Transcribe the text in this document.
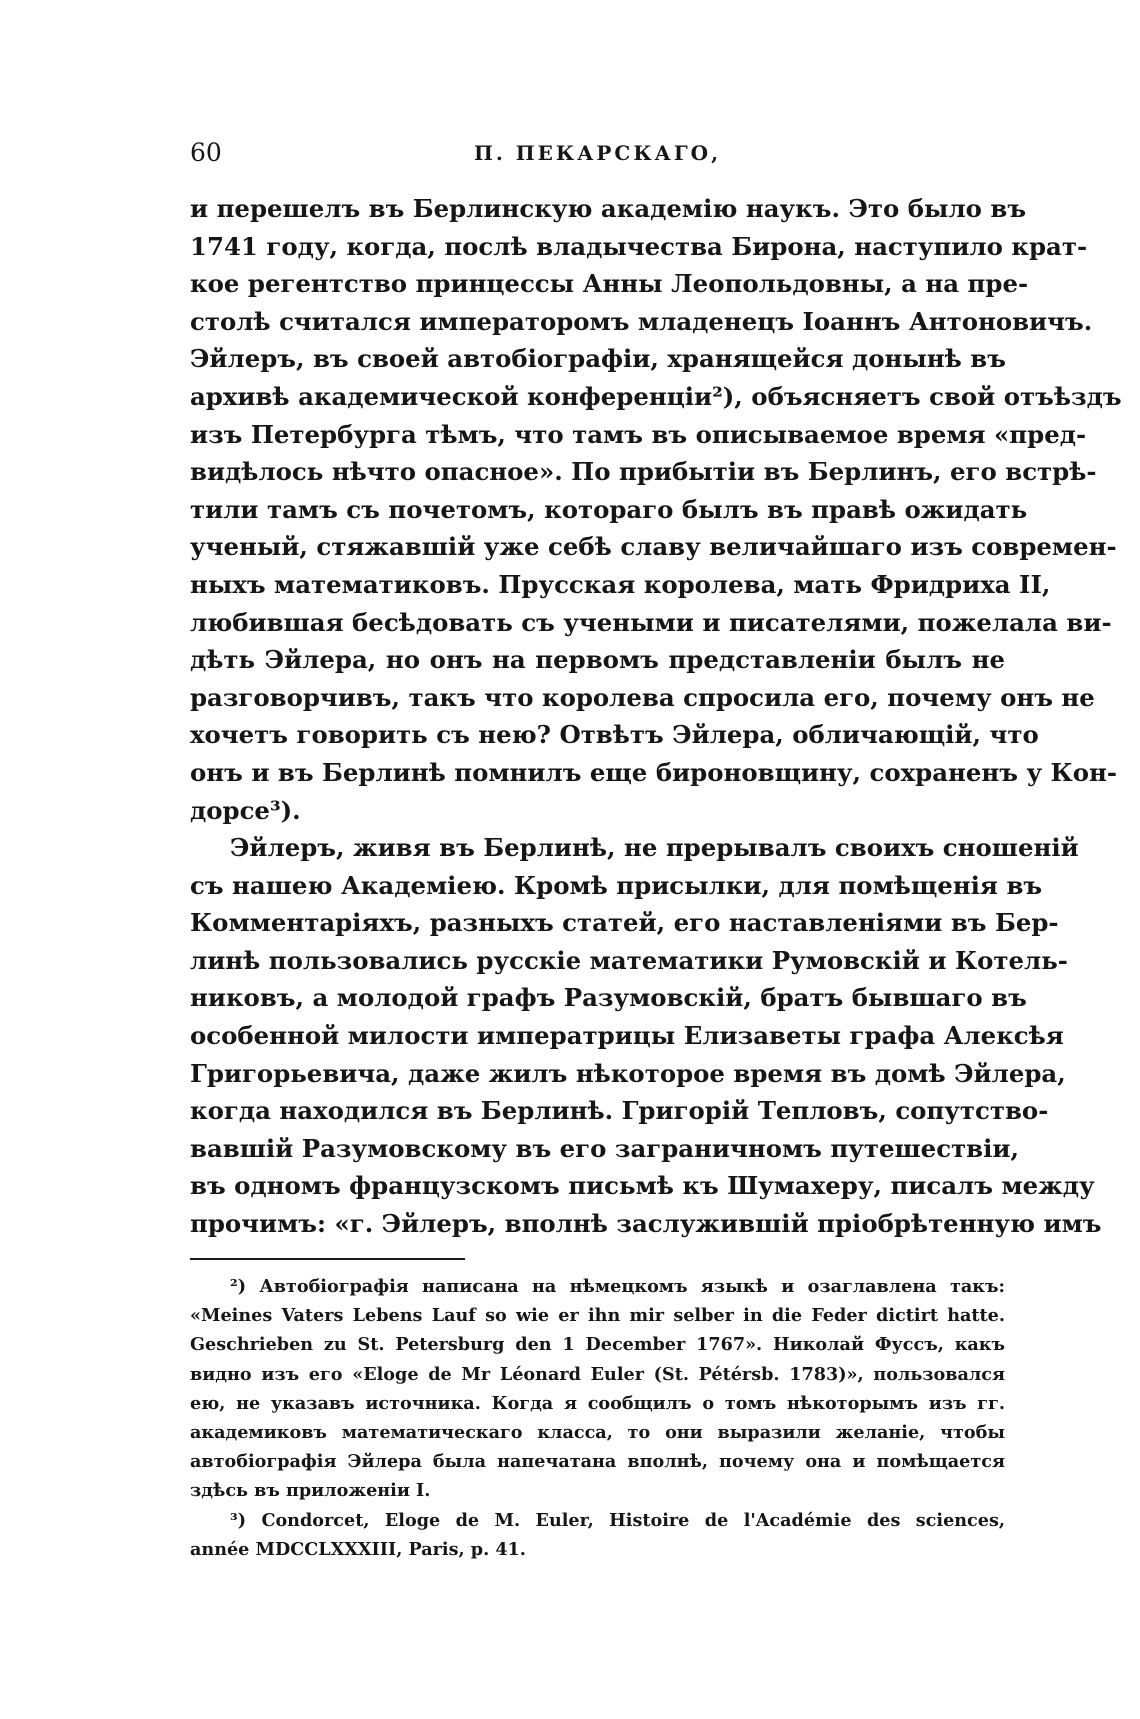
60	П. ПЕКАРСКАГО,
и перешелъ въ Берлинскую академію наукъ. Это было въ
1741 году, когда, послѣ владычества Бирона, наступило крат-
кое регентство принцессы Анны Леопольдовны, а на пре-
столѣ считался императоромъ младенецъ Іоаннъ Антоновичъ.
Эйлеръ, въ своей автобіографіи, хранящейся донынѣ въ
архивѣ академической конференціи²), объясняетъ свой отъѣздъ
изъ Петербурга тѣмъ, что тамъ въ описываемое время «пред-
видѣлось нѣчто опасное». По прибытіи въ Берлинъ, его встрѣ-
тили тамъ съ почетомъ, котораго былъ въ правѣ ожидать
ученый, стяжавшій уже себѣ славу величайшаго изъ современ-
ныхъ математиковъ. Прусская королева, мать Фридриха II,
любившая бесѣдовать съ учеными и писателями, пожелала ви-
дѣть Эйлера, но онъ на первомъ представленіи былъ не
разговорчивъ, такъ что королева спросила его, почему онъ не
хочетъ говорить съ нею? Отвѣтъ Эйлера, обличающій, что
онъ и въ Берлинѣ помнилъ еще бироновщину, сохраненъ у Кон-
дорсе³).
Эйлеръ, живя въ Берлинѣ, не прерывалъ своихъ сношеній
съ нашею Академіею. Кромѣ присылки, для помѣщенія въ
Комментаріяхъ, разныхъ статей, его наставленіями въ Бер-
линѣ пользовались русскіе математики Румовскій и Котель-
никовъ, а молодой графъ Разумовскій, братъ бывшаго въ
особенной милости императрицы Елизаветы графа Алексѣя
Григорьевича, даже жилъ нѣкоторое время въ домѣ Эйлера,
когда находился въ Берлинѣ. Григорій Тепловъ, сопутство-
вавшій Разумовскому въ его заграничномъ путешествіи,
въ одномъ французскомъ письмѣ къ Шумахеру, писалъ между
прочимъ: «г. Эйлеръ, вполнѣ заслужившій пріобрѣтенную имъ
²) Автобіографія написана на нѣмецкомъ языкѣ и озаглавлена такъ:
«Meines Vaters Lebens Lauf so wie er ihn mir selber in die Feder dictirt hatte.
Geschrieben zu St. Petersburg den 1 December 1767». Николай Фуссъ, какъ
видно изъ его «Eloge de Mr Léonard Euler (St. Pétérsb. 1783)», пользовался
ею, не указавъ источника. Когда я сообщилъ о томъ нѣкоторымъ изъ гг.
академиковъ математическаго класса, то они выразили желаніе, чтобы
автобіографія Эйлера была напечатана вполнѣ, почему она и помѣщается
здѣсь въ приложеніи I.
³) Condorcet, Eloge de M. Euler, Histoire de l'Académie des sciences,
année MDCCLXXXIII, Paris, p. 41.
